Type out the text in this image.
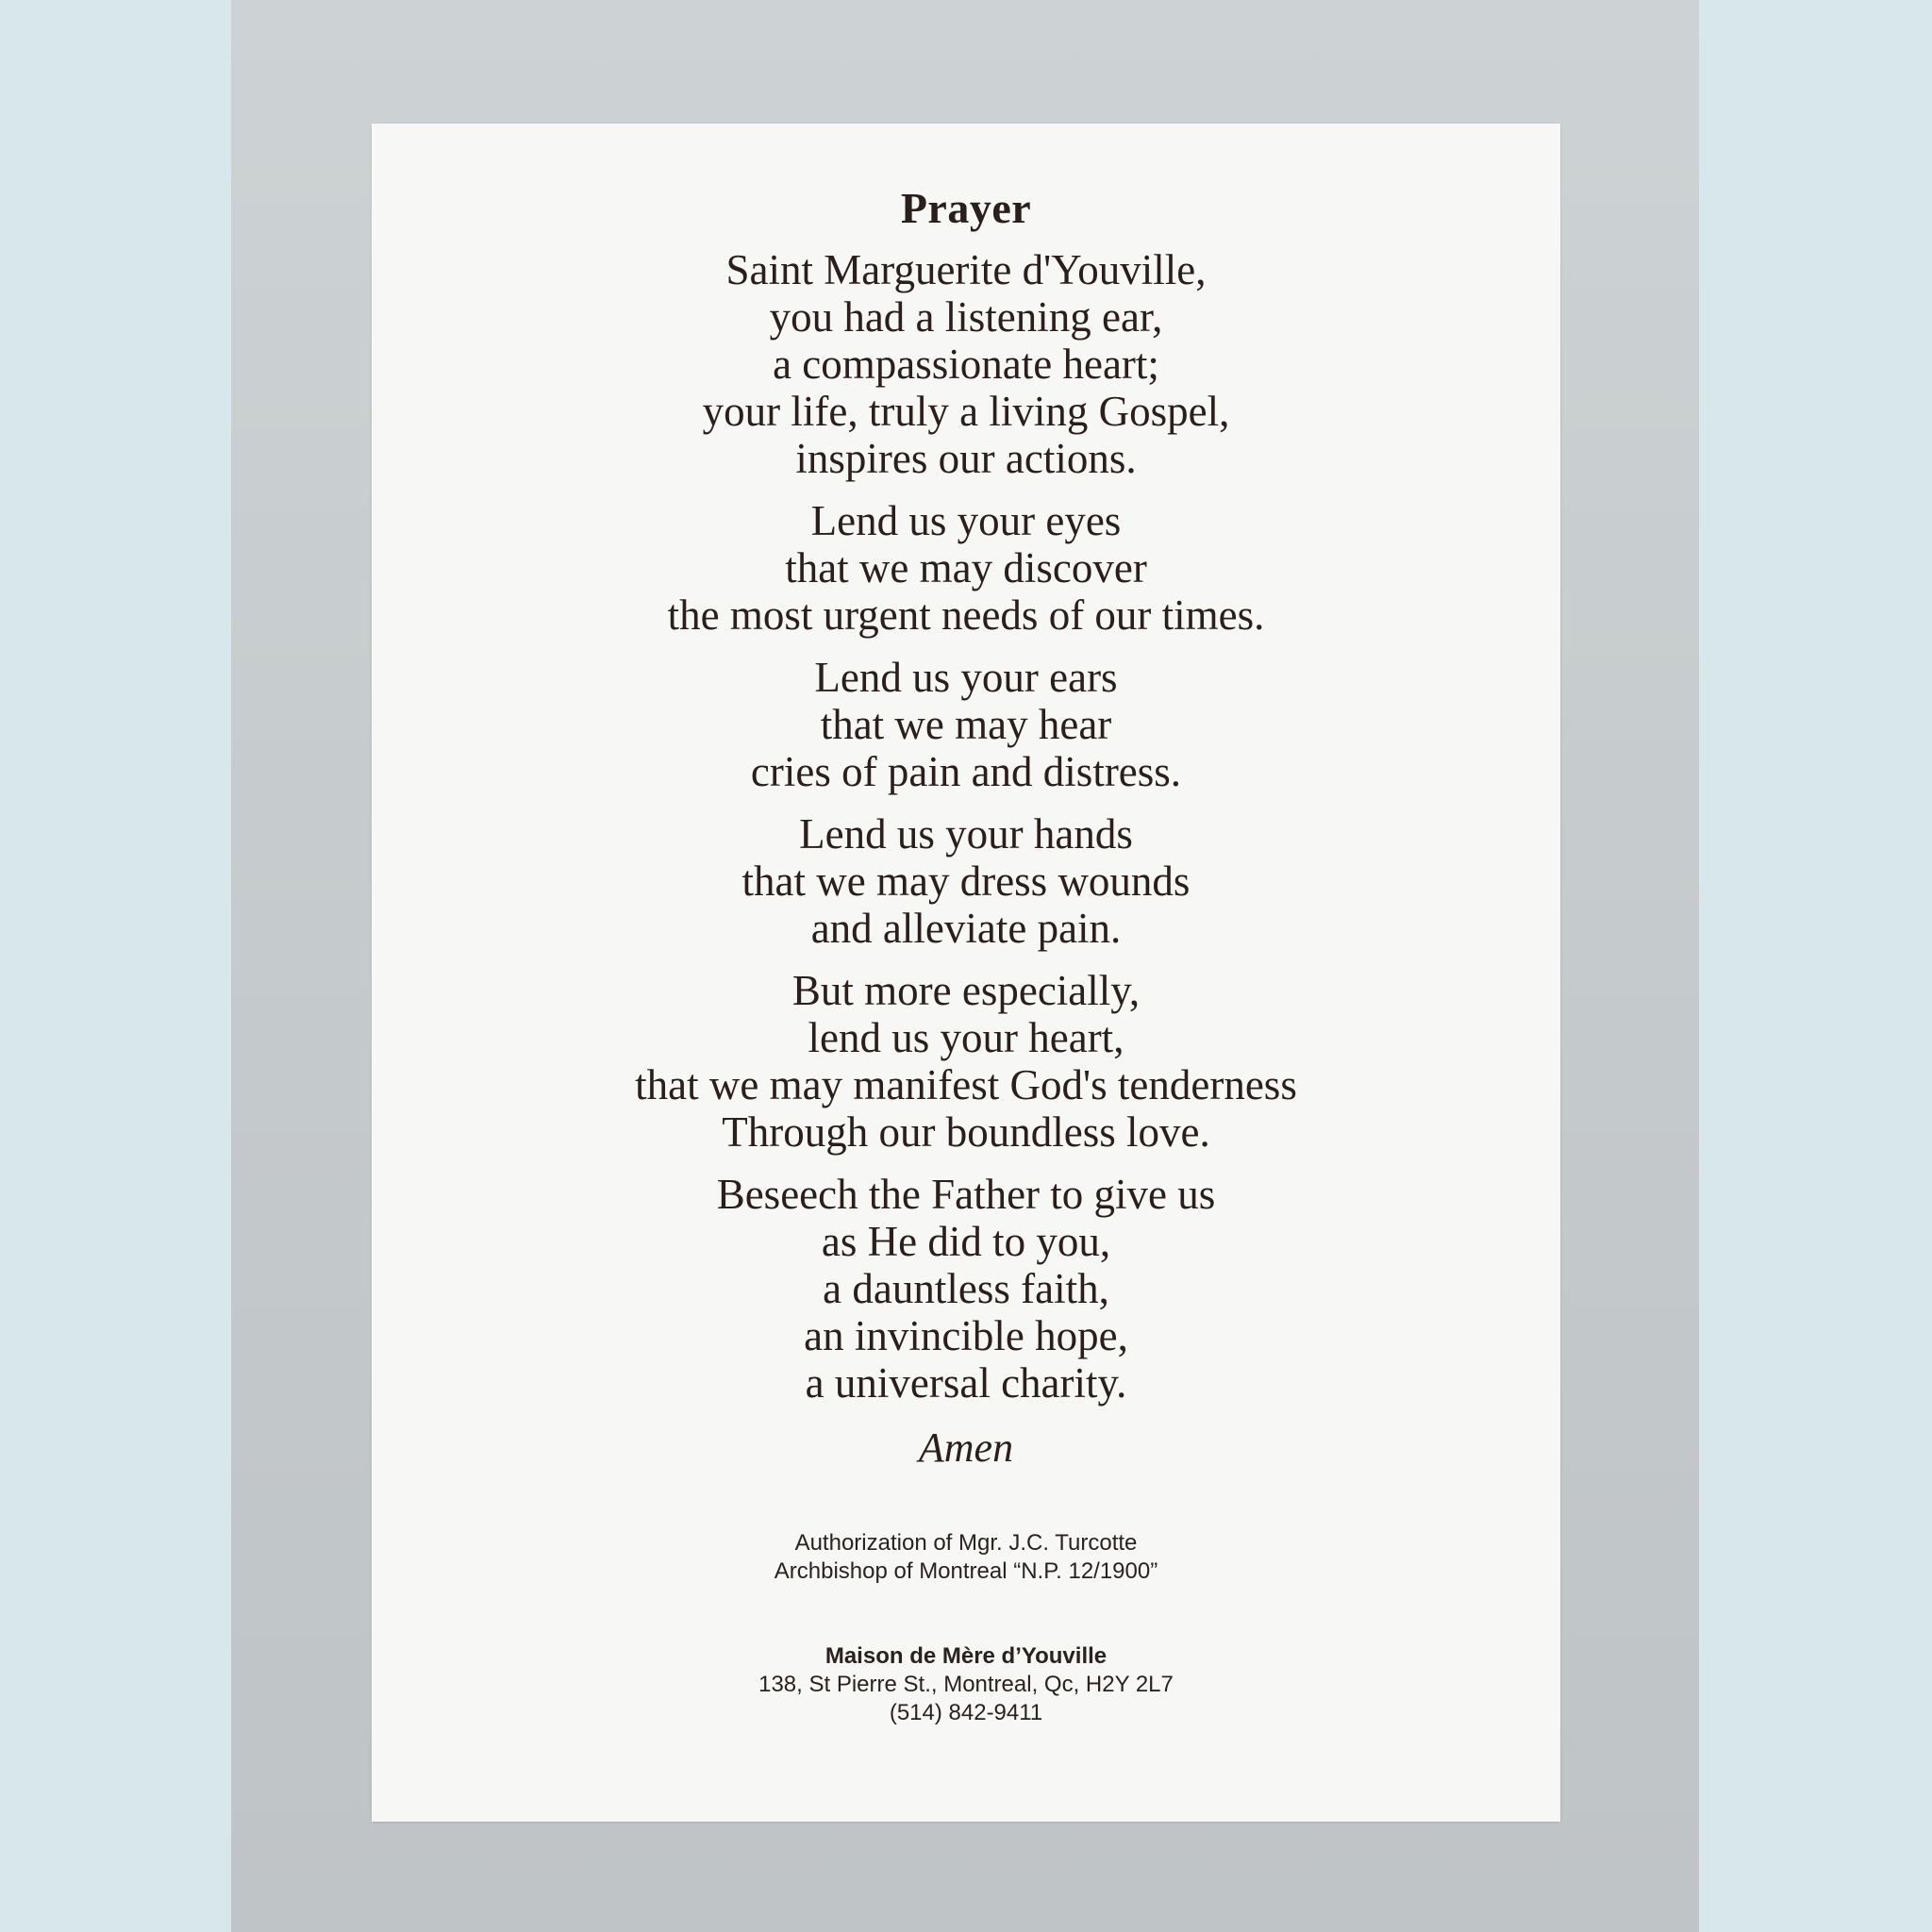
Prayer
Saint Marguerite d'Youville,
you had a listening ear,
a compassionate heart;
your life, truly a living Gospel,
inspires our actions.
Lend us your eyes
that we may discover
the most urgent needs of our times.
Lend us your ears
that we may hear
cries of pain and distress.
Lend us your hands
that we may dress wounds
and alleviate pain.
But more especially,
lend us your heart,
that we may manifest God's tenderness
Through our boundless love.
Beseech the Father to give us
as He did to you,
a dauntless faith,
an invincible hope,
a universal charity.
Amen
Authorization of Mgr. J.C. Turcotte
Archbishop of Montreal “N.P. 12/1900”
Maison de Mère d’Youville
138, St Pierre St., Montreal, Qc, H2Y 2L7
(514) 842-9411
